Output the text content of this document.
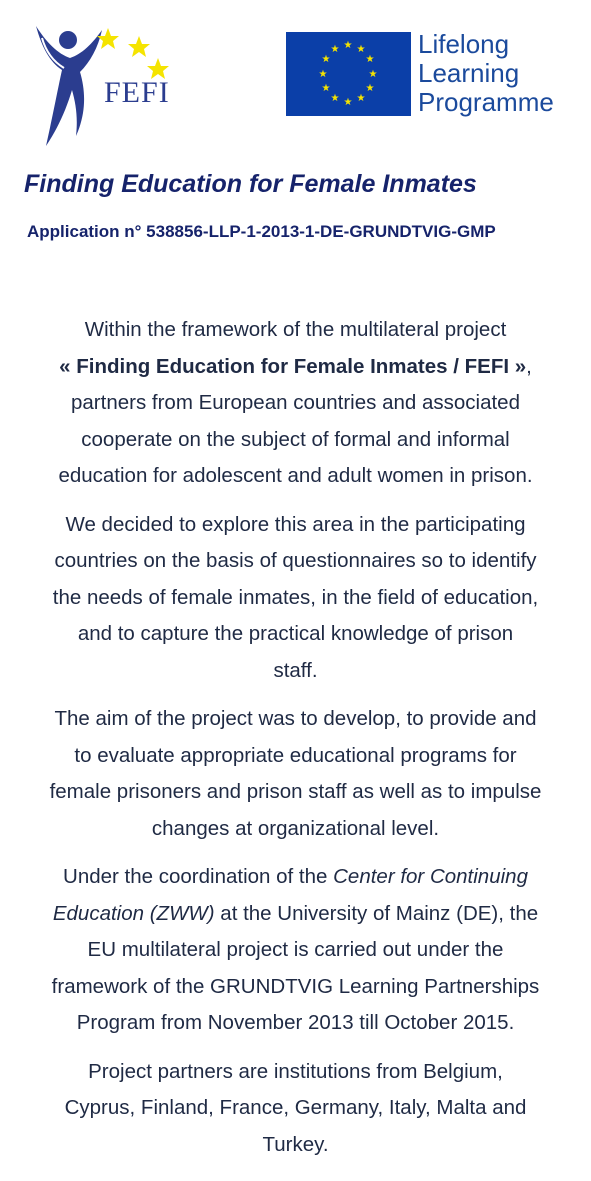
FEFI
★ ★
★
★
★
★
★
★
★
★
★
★	Lifelong
Learning
Programme
Finding Education for Female Inmates
Application n° 538856-LLP-1-2013-1-DE-GRUNDTVIG-GMP

Within the framework of the multilateral project
« Finding Education for Female Inmates / FEFI »,
partners from European countries and associated
cooperate on the subject of formal and informal
education for adolescent and adult women in prison.

We decided to explore this area in the participating
countries on the basis of questionnaires so to identify
the needs of female inmates, in the field of education,
and to capture the practical knowledge of prison
staff.

The aim of the project was to develop, to provide and
to evaluate appropriate educational programs for
female prisoners and prison staff as well as to impulse
changes at organizational level.

Under the coordination of the Center for Continuing
Education (ZWW) at the University of Mainz (DE), the
EU multilateral project is carried out under the
framework of the GRUNDTVIG Learning Partnerships
Program from November 2013 till October 2015.

Project partners are institutions from Belgium,
Cyprus, Finland, France, Germany, Italy, Malta and
Turkey.
